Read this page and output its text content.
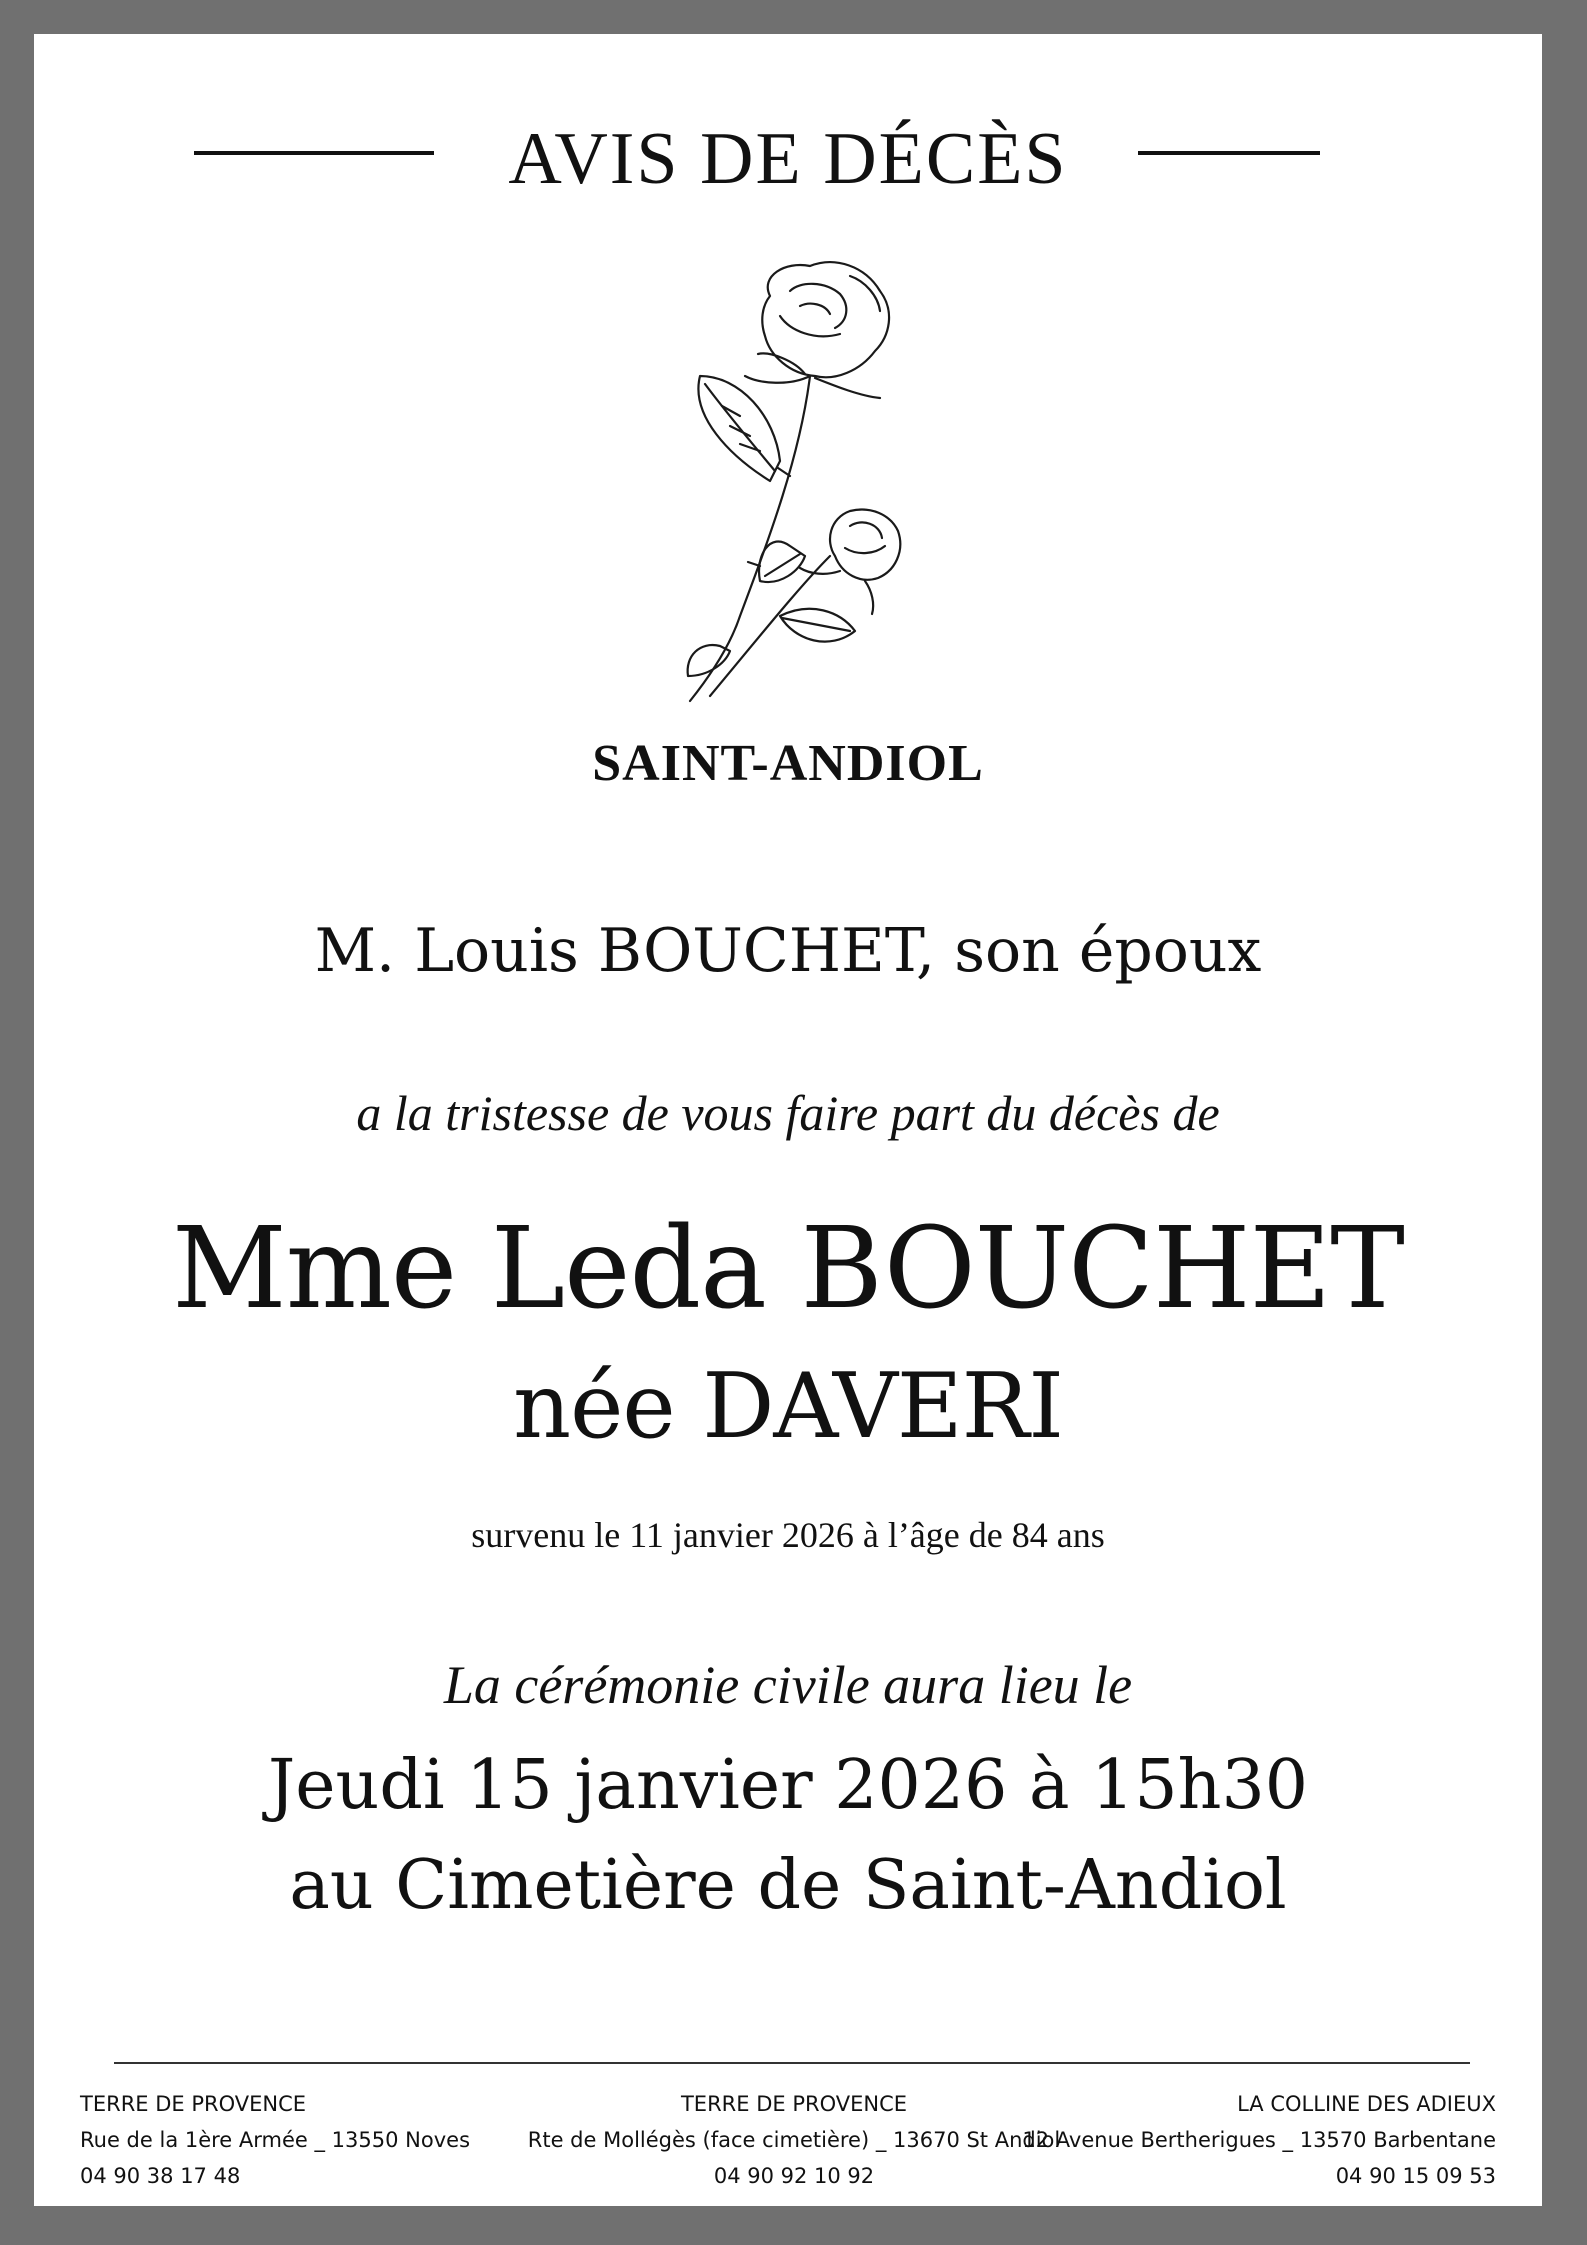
AVIS DE DÉCÈS
SAINT-ANDIOL
M. Louis BOUCHET, son époux
a la tristesse de vous faire part du décès de
Mme Leda BOUCHET
née DAVERI
survenu le 11 janvier 2026 à l’âge de 84 ans
La cérémonie civile aura lieu le
Jeudi 15 janvier 2026 à 15h30
au Cimetière de Saint-Andiol
TERRE DE PROVENCE
Rue de la 1ère Armée _ 13550 Noves
04 90 38 17 48
TERRE DE PROVENCE
Rte de Mollégès (face cimetière) _ 13670 St Andiol
04 90 92 10 92
LA COLLINE DES ADIEUX
12 Avenue Bertherigues _ 13570 Barbentane
04 90 15 09 53
